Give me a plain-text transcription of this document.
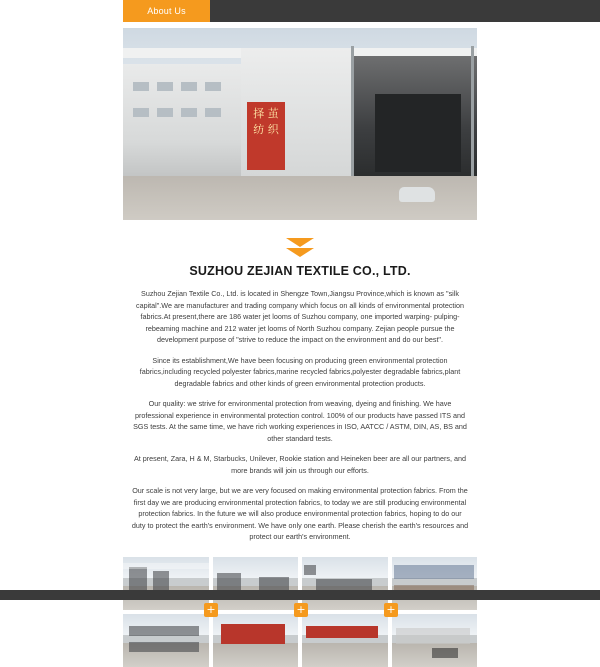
About Us
择 茧 纺 织
SUZHOU ZEJIAN TEXTILE CO., LTD.

Suzhou Zejian Textile Co., Ltd. is located in Shengze Town,Jiangsu Province,which is known as "silk capital".We are manufacturer and trading company which focus on all kinds of environmental protection fabrics.At present,there are 186 water jet looms of Suzhou company, one imported warping- pulping-rebeaming machine and 212 water jet looms of North Suzhou company. Zejian people pursue the development purpose of "strive to reduce the impact on the environment and do our best".

Since its establishment,We have been focusing on producing green environmental protection fabrics,including recycled polyester fabrics,marine recycled fabrics,polyester degradable fabrics,plant degradable fabrics and other kinds of green environmental protection products.

Our quality: we strive for environmental protection from weaving, dyeing and finishing. We have professional experience in environmental protection control. 100% of our products have passed ITS and SGS tests. At the same time, we have rich working experiences in ISO, AATCC / ASTM, DIN, AS, BS and other standard tests.

At present, Zara, H & M, Starbucks, Unilever, Rookie station and Heineken beer are all our partners, and more brands will join us through our efforts.

Our scale is not very large, but we are very focused on making environmental protection fabrics. From the first day we are producing environmental protection fabrics, to today we are still producing environmental protection fabrics. In the future we will also produce environmental protection fabrics, hoping to do our duty to protect the earth's environment. We have only one earth. Please cherish the earth's resources and protect our earth's environment.

+	+	+
